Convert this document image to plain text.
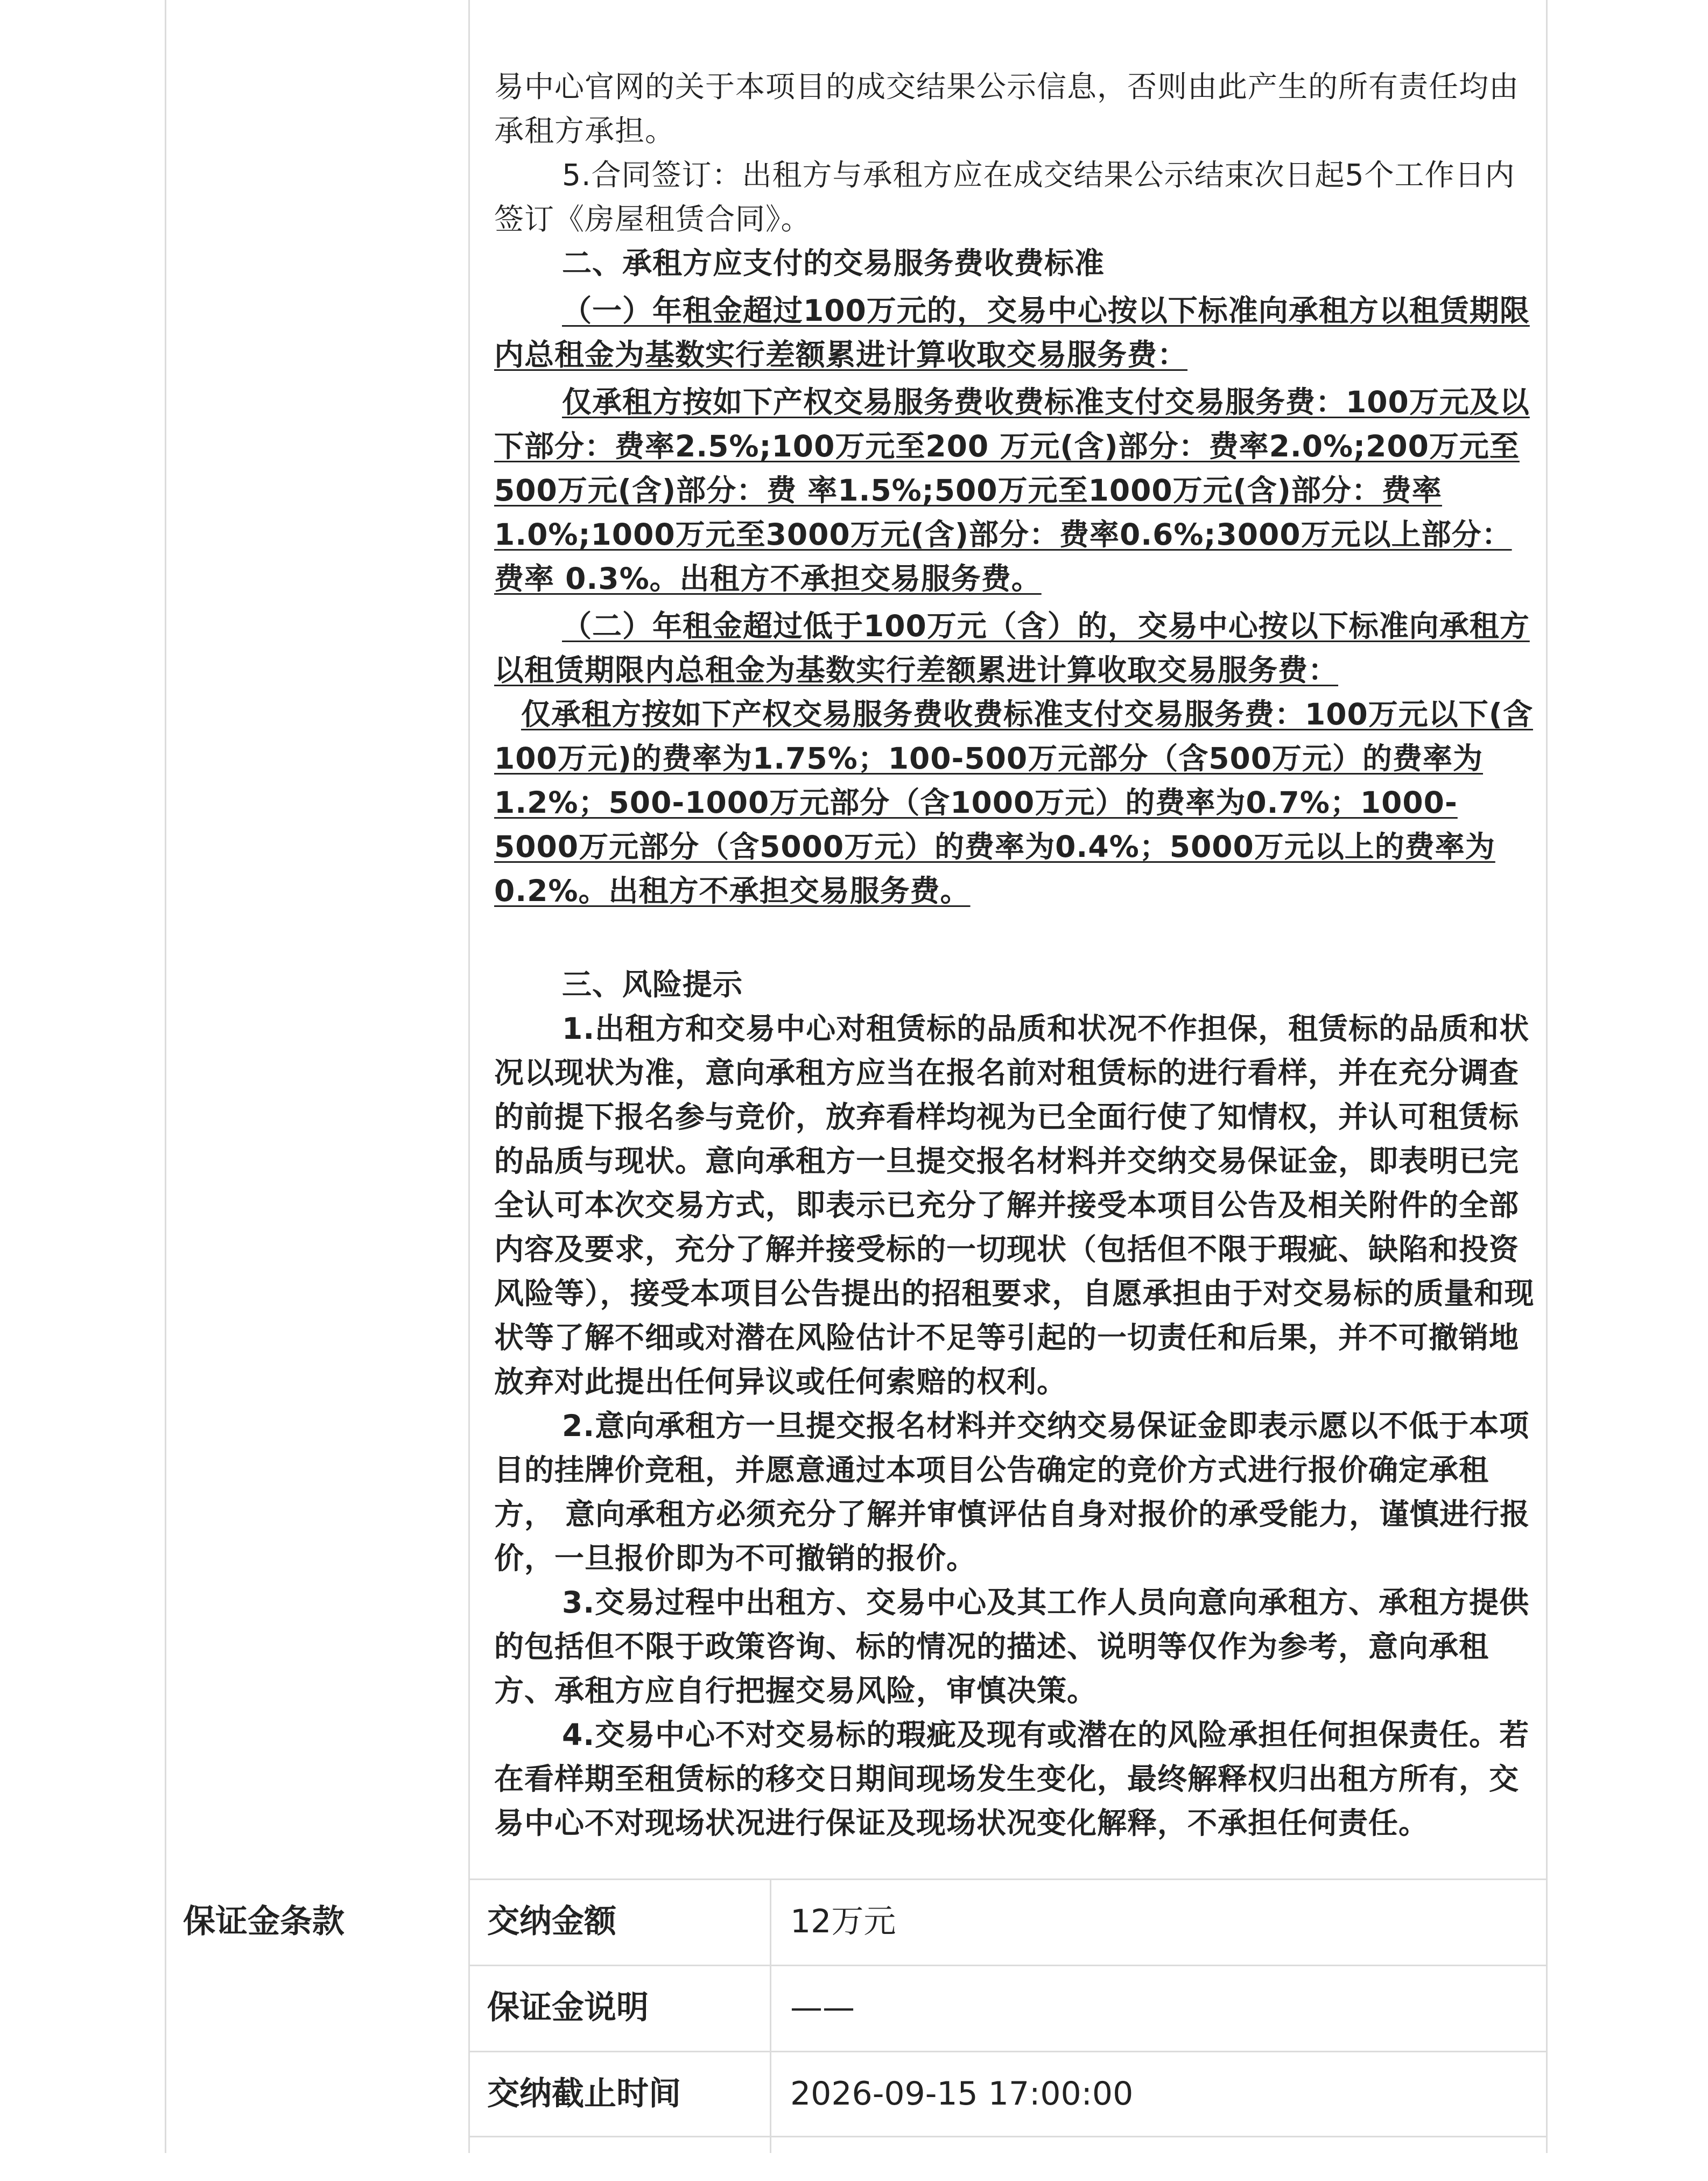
易中心官网的关于本项目的成交结果公示信息，否则由此产生的所有责任均由承租方承担。

5.合同签订：出租方与承租方应在成交结果公示结束次日起5个工作日内签订《房屋租赁合同》。

二、承租方应支付的交易服务费收费标准

（一）年租金超过100万元的，交易中心按以下标准向承租方以租赁期限内总租金为基数实行差额累进计算收取交易服务费：

仅承租方按如下产权交易服务费收费标准支付交易服务费：100万元及以下部分：费率2.5%;100万元至200 万元(含)部分：费率2.0%;200万元至500万元(含)部分：费 率1.5%;500万元至1000万元(含)部分：费率1.0%;1000万元至3000万元(含)部分：费率0.6%;3000万元以上部分：费率 0.3%。出租方不承担交易服务费。

（二）年租金超过低于100万元（含）的，交易中心按以下标准向承租方以租赁期限内总租金为基数实行差额累进计算收取交易服务费：

仅承租方按如下产权交易服务费收费标准支付交易服务费：100万元以下(含100万元)的费率为1.75%；100-500万元部分（含500万元）的费率为1.2%；500-1000万元部分（含1000万元）的费率为0.7%；1000-5000万元部分（含5000万元）的费率为0.4%；5000万元以上的费率为0.2%。出租方不承担交易服务费。

三、风险提示

1.出租方和交易中心对租赁标的品质和状况不作担保，租赁标的品质和状况以现状为准，意向承租方应当在报名前对租赁标的进行看样，并在充分调查的前提下报名参与竞价，放弃看样均视为已全面行使了知情权，并认可租赁标的品质与现状。意向承租方一旦提交报名材料并交纳交易保证金，即表明已完全认可本次交易方式，即表示已充分了解并接受本项目公告及相关附件的全部内容及要求，充分了解并接受标的一切现状（包括但不限于瑕疵、缺陷和投资风险等），接受本项目公告提出的招租要求，自愿承担由于对交易标的质量和现状等了解不细或对潜在风险估计不足等引起的一切责任和后果，并不可撤销地放弃对此提出任何异议或任何索赔的权利。

2.意向承租方一旦提交报名材料并交纳交易保证金即表示愿以不低于本项目的挂牌价竞租，并愿意通过本项目公告确定的竞价方式进行报价确定承租方， 意向承租方必须充分了解并审慎评估自身对报价的承受能力，谨慎进行报价，一旦报价即为不可撤销的报价。

3.交易过程中出租方、交易中心及其工作人员向意向承租方、承租方提供的包括但不限于政策咨询、标的情况的描述、说明等仅作为参考，意向承租方、承租方应自行把握交易风险，审慎决策。

4.交易中心不对交易标的瑕疵及现有或潜在的风险承担任何担保责任。若在看样期至租赁标的移交日期间现场发生变化，最终解释权归出租方所有，交易中心不对现场状况进行保证及现场状况变化解释，不承担任何责任。

保证金条款	交纳金额	12万元
保证金说明	——
交纳截止时间	2026-09-15 17:00:00
